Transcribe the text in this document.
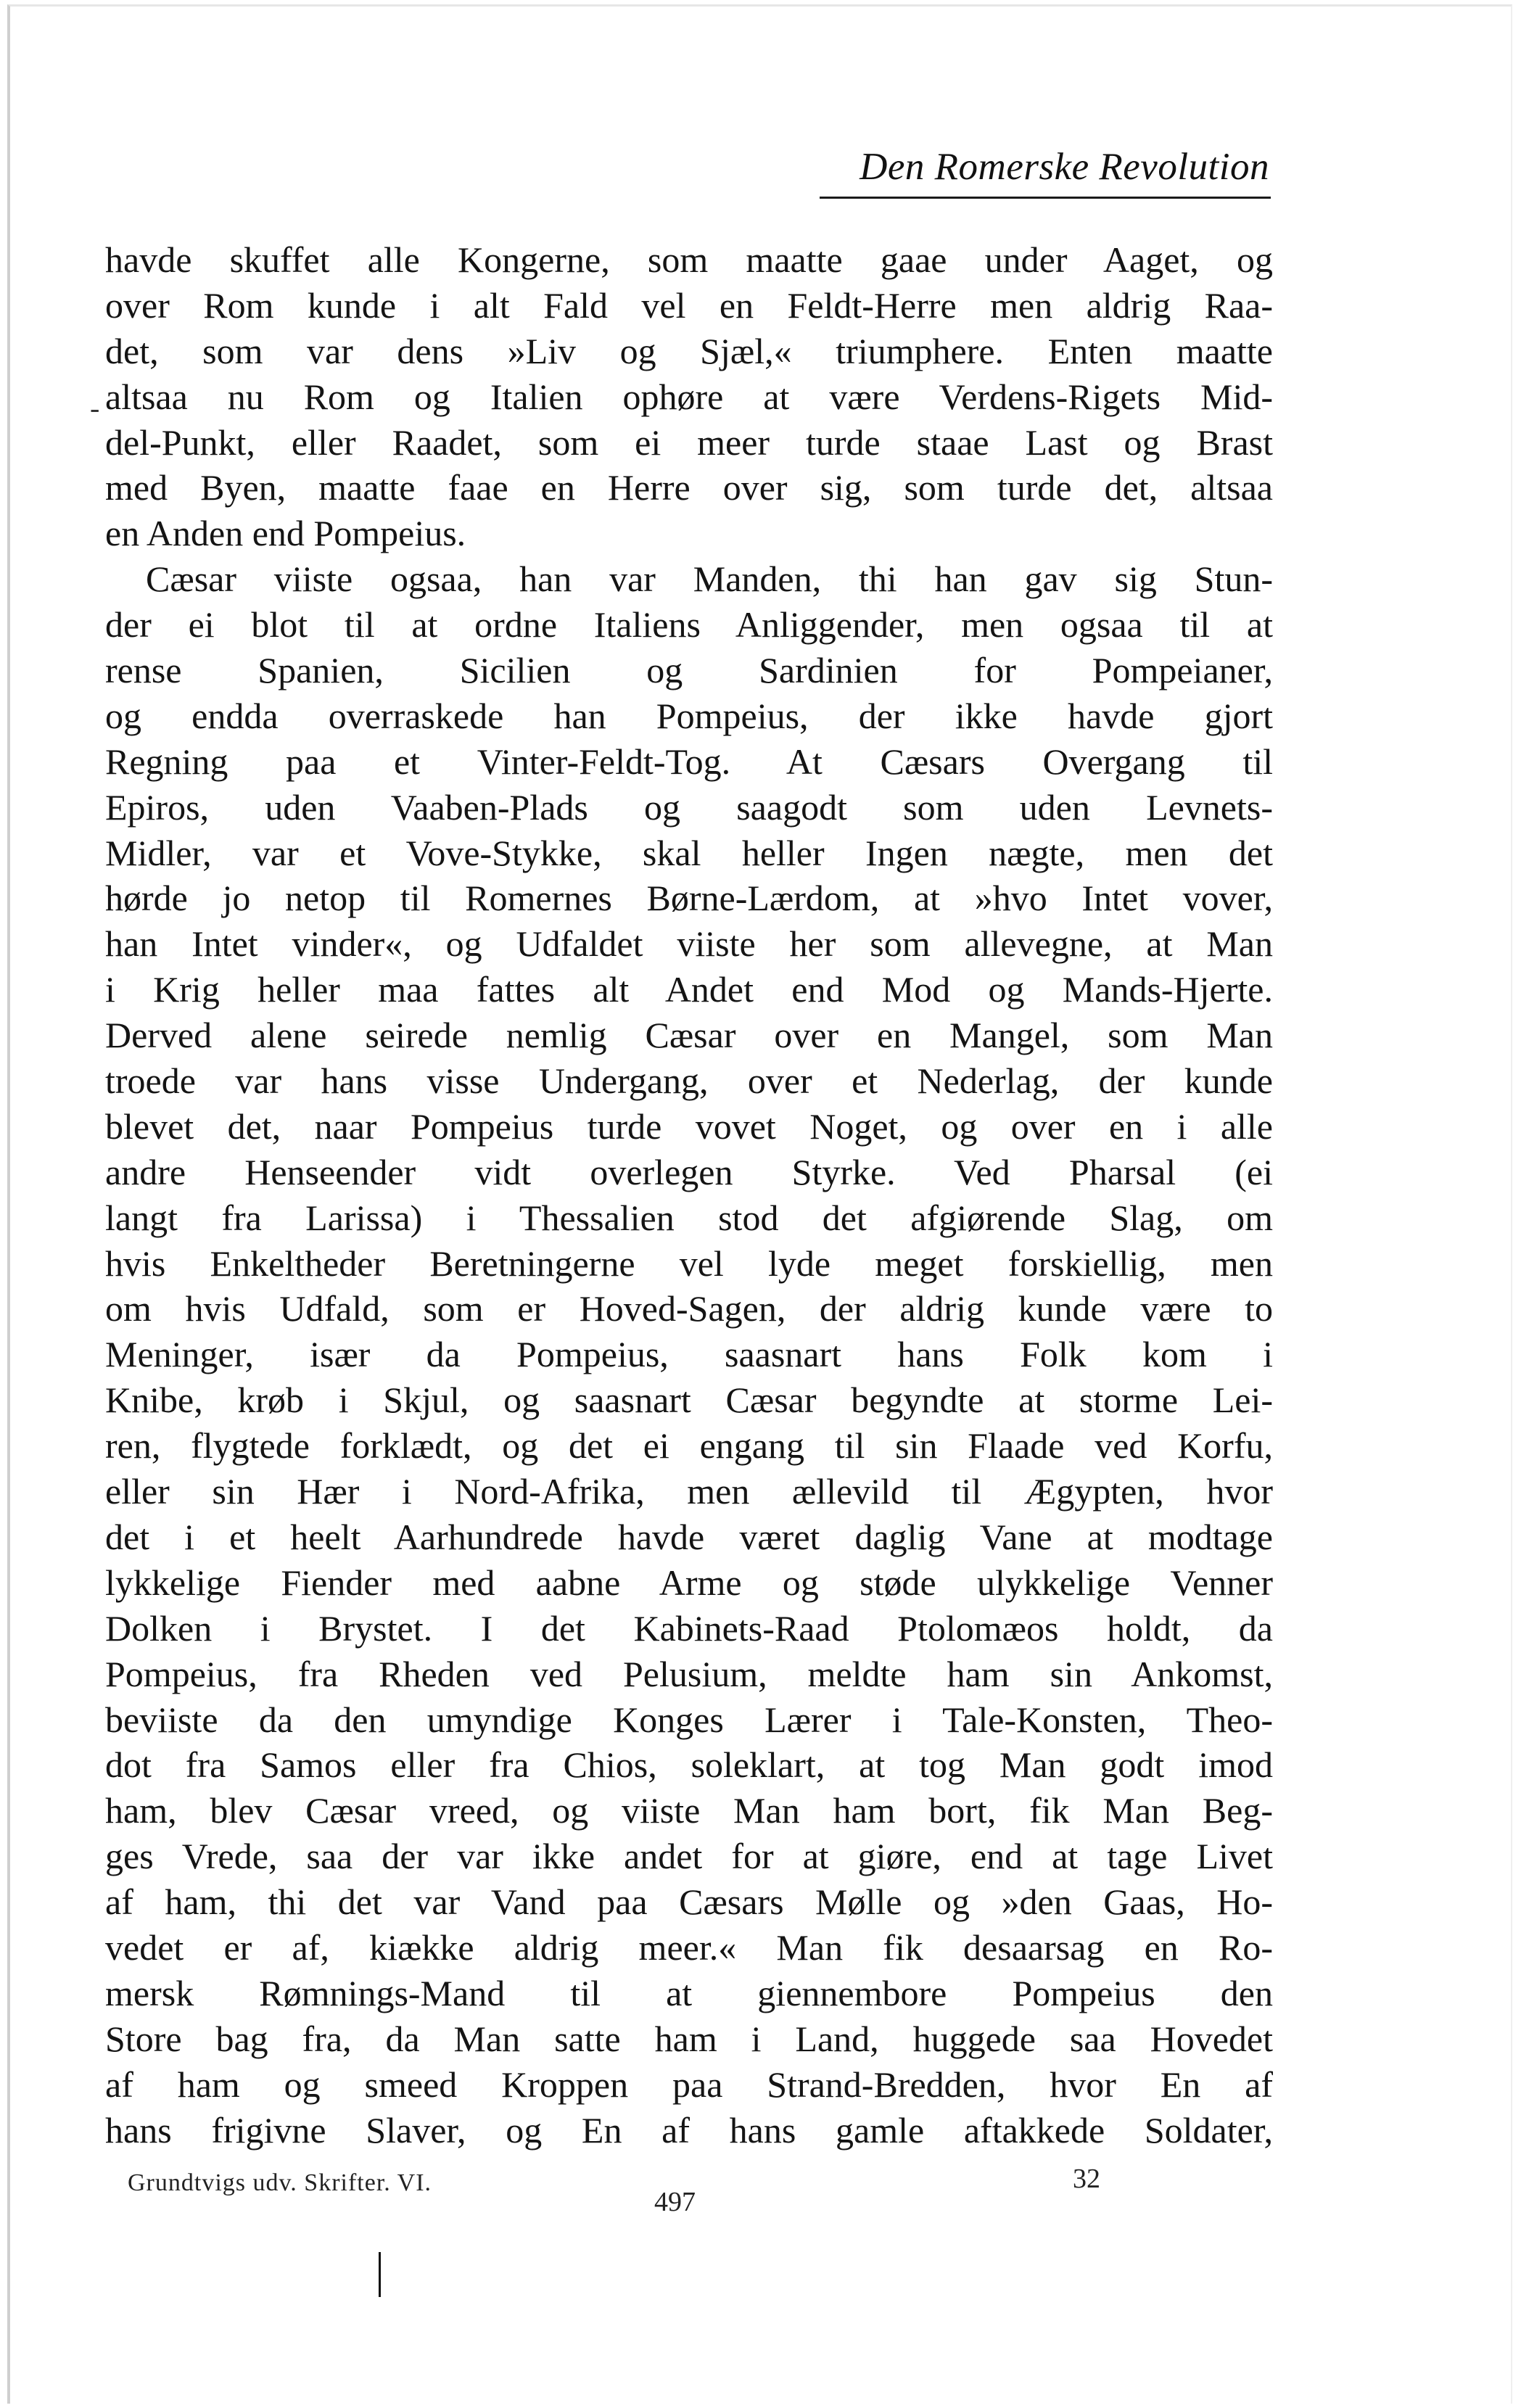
Den Romerske Revolution
-
havde skuffet alle Kongerne, som maatte gaae under Aaget, og
over Rom kunde i alt Fald vel en Feldt-Herre men aldrig Raa-
det, som var dens »Liv og Sjæl,« triumphere. Enten maatte
altsaa nu Rom og Italien ophøre at være Verdens-Rigets Mid-
del-Punkt, eller Raadet, som ei meer turde staae Last og Brast
med Byen, maatte faae en Herre over sig, som turde det, altsaa
en Anden end Pompeius.
Cæsar viiste ogsaa, han var Manden, thi han gav sig Stun-
der ei blot til at ordne Italiens Anliggender, men ogsaa til at
rense Spanien, Sicilien og Sardinien for Pompeianer,
og endda overraskede han Pompeius, der ikke havde gjort
Regning paa et Vinter-Feldt-Tog. At Cæsars Overgang til
Epiros, uden Vaaben-Plads og saagodt som uden Levnets-
Midler, var et Vove-Stykke, skal heller Ingen nægte, men det
hørde jo netop til Romernes Børne-Lærdom, at »hvo Intet vover,
han Intet vinder«, og Udfaldet viiste her som allevegne, at Man
i Krig heller maa fattes alt Andet end Mod og Mands-Hjerte.
Derved alene seirede nemlig Cæsar over en Mangel, som Man
troede var hans visse Undergang, over et Nederlag, der kunde
blevet det, naar Pompeius turde vovet Noget, og over en i alle
andre Henseender vidt overlegen Styrke. Ved Pharsal (ei
langt fra Larissa) i Thessalien stod det afgiørende Slag, om
hvis Enkeltheder Beretningerne vel lyde meget forskiellig, men
om hvis Udfald, som er Hoved-Sagen, der aldrig kunde være to
Meninger, især da Pompeius, saasnart hans Folk kom i
Knibe, krøb i Skjul, og saasnart Cæsar begyndte at storme Lei-
ren, flygtede forklædt, og det ei engang til sin Flaade ved Korfu,
eller sin Hær i Nord-Afrika, men ællevild til Ægypten, hvor
det i et heelt Aarhundrede havde været daglig Vane at modtage
lykkelige Fiender med aabne Arme og støde ulykkelige Venner
Dolken i Brystet. I det Kabinets-Raad Ptolomæos holdt, da
Pompeius, fra Rheden ved Pelusium, meldte ham sin Ankomst,
beviiste da den umyndige Konges Lærer i Tale-Konsten, Theo-
dot fra Samos eller fra Chios, soleklart, at tog Man godt imod
ham, blev Cæsar vreed, og viiste Man ham bort, fik Man Beg-
ges Vrede, saa der var ikke andet for at giøre, end at tage Livet
af ham, thi det var Vand paa Cæsars Mølle og »den Gaas, Ho-
vedet er af, kiække aldrig meer.« Man fik desaarsag en Ro-
mersk Rømnings-Mand til at giennembore Pompeius den
Store bag fra, da Man satte ham i Land, huggede saa Hovedet
af ham og smeed Kroppen paa Strand-Bredden, hvor En af
hans frigivne Slaver, og En af hans gamle aftakkede Soldater,
Grundtvigs udv. Skrifter. VI.
497
32
